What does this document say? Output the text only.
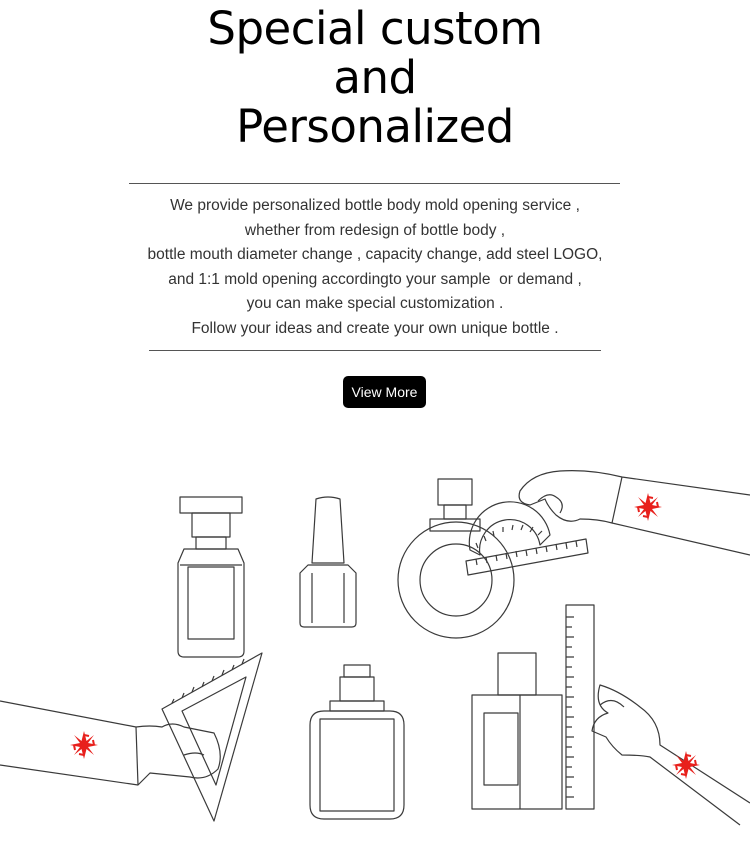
Special custom
and
Personalized
We provide personalized bottle body mold opening service ,
whether from redesign of bottle body ,
bottle mouth diameter change , capacity change, add steel LOGO,
and 1:1 mold opening accordingto your sample  or demand ,
you can make special customization .
Follow your ideas and create your own unique bottle .
View More
